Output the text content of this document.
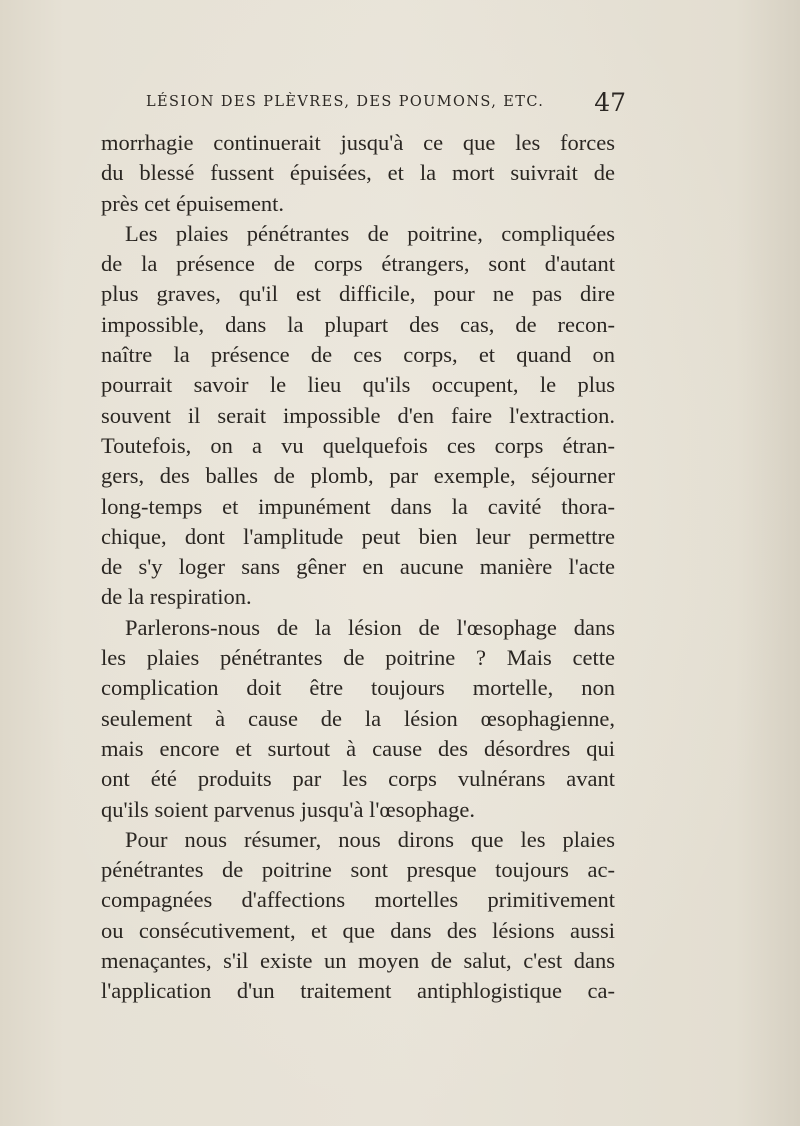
LÉSION DES PLÈVRES, DES POUMONS, ETC. 47

morrhagie continuerait jusqu'à ce que les forces
du blessé fussent épuisées, et la mort suivrait de
près cet épuisement.

Les plaies pénétrantes de poitrine, compliquées
de la présence de corps étrangers, sont d'autant
plus graves, qu'il est difficile, pour ne pas dire
impossible, dans la plupart des cas, de recon-
naître la présence de ces corps, et quand on
pourrait savoir le lieu qu'ils occupent, le plus
souvent il serait impossible d'en faire l'extraction.
Toutefois, on a vu quelquefois ces corps étran-
gers, des balles de plomb, par exemple, séjourner
long-temps et impunément dans la cavité thora-
chique, dont l'amplitude peut bien leur permettre
de s'y loger sans gêner en aucune manière l'acte
de la respiration.

Parlerons-nous de la lésion de l'œsophage dans
les plaies pénétrantes de poitrine ? Mais cette
complication doit être toujours mortelle, non
seulement à cause de la lésion œsophagienne,
mais encore et surtout à cause des désordres qui
ont été produits par les corps vulnérans avant
qu'ils soient parvenus jusqu'à l'œsophage.

Pour nous résumer, nous dirons que les plaies
pénétrantes de poitrine sont presque toujours ac-
compagnées d'affections mortelles primitivement
ou consécutivement, et que dans des lésions aussi
menaçantes, s'il existe un moyen de salut, c'est dans
l'application d'un traitement antiphlogistique ca-
